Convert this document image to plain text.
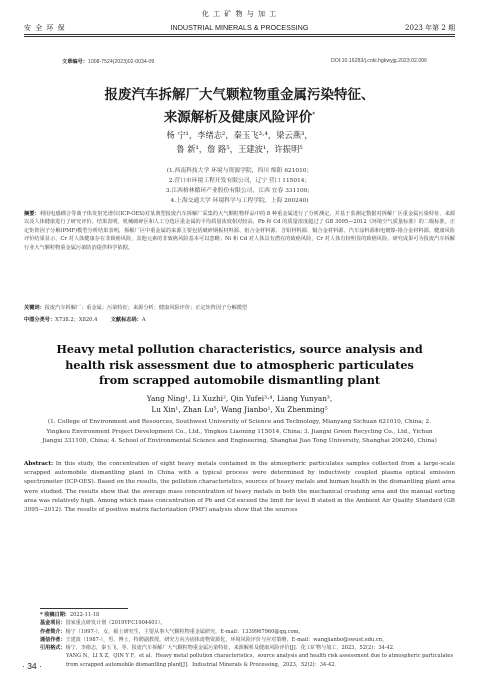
化 工 矿 物 与 加 工
安 全 环 保	INDUSTRIAL MINERALS & PROCESSING	2023 年第 2 期
文章编号：1008-7524(2023)02-0034-09	DOI:10.16283/j.cnki.hgkwyjg.2023.02.006
报废汽车拆解厂大气颗粒物重金属污染特征、
来源解析及健康风险评价*
杨 宁¹，李绪志²，秦玉飞³·⁴，梁云燕³，
鲁 新¹，詹 路⁵，王建波¹，许振明⁵
(1.西南科技大学 环境与资源学院，四川 绵阳 621010；
2.营口市环境工程开发有限公司，辽宁 营口 115014；
3.江西格林循环产业股份有限公司，江西 宜春 331100；
4.上海交通大学 环境科学与工程学院，上海 200240)
摘要：利用电感耦合等离子体发射光谱仪(ICP-OES)对某典型报废汽车拆解厂采集的大气颗粒物样品中的 8 种重金属进行了分析测定，并基于监测定数据对拆解厂区重金属污染特征、来源以及人体健康进行了研究评价。结果表明，机械破碎区和人工分选区重金属的平均质量浓度相对较高，Pb 和 Cd 的质量浓度超过了 GB 3095—2012《环境空气质量标准》的二级标准。正定矩阵因子分解(PMF)模型分析结果表明，拆解厂区中重金属的来源主要包括破碎钢板材料源、铝合金材料源、含铅材料源、铜合金材料源、汽车涂料源和电镀镍-铬合金材料源。健康风险评价结果显示，Cr 对人体健康存在非致癌风险，其他元素的非致癌风险基本可以忽略；Ni 和 Cd 对人体具有潜在的致癌风险，Cr 对人体有较明显的致癌风险。研究成果可为报废汽车拆解行业大气颗粒物重金属污染防治提供科学依据。
关键词：报废汽车拆解厂；重金属；污染特征；来源分析；健康风险评价；正定矩阵因子分解模型
中图分类号：X738.2；X820.4	文献标志码：A
Heavy metal pollution characteristics, source analysis and
health risk assessment due to atmospheric particulates
from scrapped automobile dismantling plant
Yang Ning¹, Li Xuzhi², Qin Yufei³·⁴, Liang Yunyan³,
Lu Xin¹, Zhan Lu⁵, Wang Jianbo¹, Xu Zhenming⁵
(1. College of Environment and Resources, Southwest University of Science and Technology, Mianyang Sichuan 621010, China; 2. Yingkou Environment Project Development Co., Ltd., Yingkou Liaoning 115014, China; 3. Jiangxi Green Recycling Co., Ltd., Yichun Jiangxi 331100, China; 4. School of Environmental Science and Engineering, Shanghai Jiao Tong University, Shanghai 200240, China)
Abstract: In this study, the concentration of eight heavy metals contained in the atmospheric particulates samples collected from a large-scale scrapped automobile dismantling plant in China with a typical process were determined by inductively coupled plasma optical emission spectrometer (ICP-OES). Based on the results, the pollution characteristics, sources of heavy metals and human health in the dismantling plant area were studied. The results show that the average mass concentration of heavy metals in both the mechanical crushing area and the manual sorting area was relatively high. Among which mass concentration of Pb and Cd exceed the limit for level B stated in the Ambient Air Quality Standard (GB 3095—2012). The results of positive matrix factorization (PMF) analysis show that the sources
* 收稿日期：2022-11-18
基金项目：国家重点研发计划（2019YFC1904401）。
作者简介：杨宁（1997-），女，硕士研究生，主要从事大气颗粒物重金属研究，E-mail：1339967960@qq.com。
通信作者：王建波（1987-），男，博士，特聘副教授，研究方向为固体废物资源化，环境风险评价与应对策略，E-mail：wangjianbo@swust.edu.cn。
引用格式：杨宁，李绪志，秦玉飞，等．报废汽车拆解厂大气颗粒物重金属污染特征、来源解析及健康风险评价[J]．化工矿物与加工，2023，52(2)：34-42．
YANG N，LI X Z，QIN Y F，et al．Heavy metal pollution characteristics，source analysis and health risk assessment due to atmospheric particulates from scrapped automobile dismantling plant[J]．Industrial Minerals & Processing，2023，52(2)：34-42．
· 34 ·
